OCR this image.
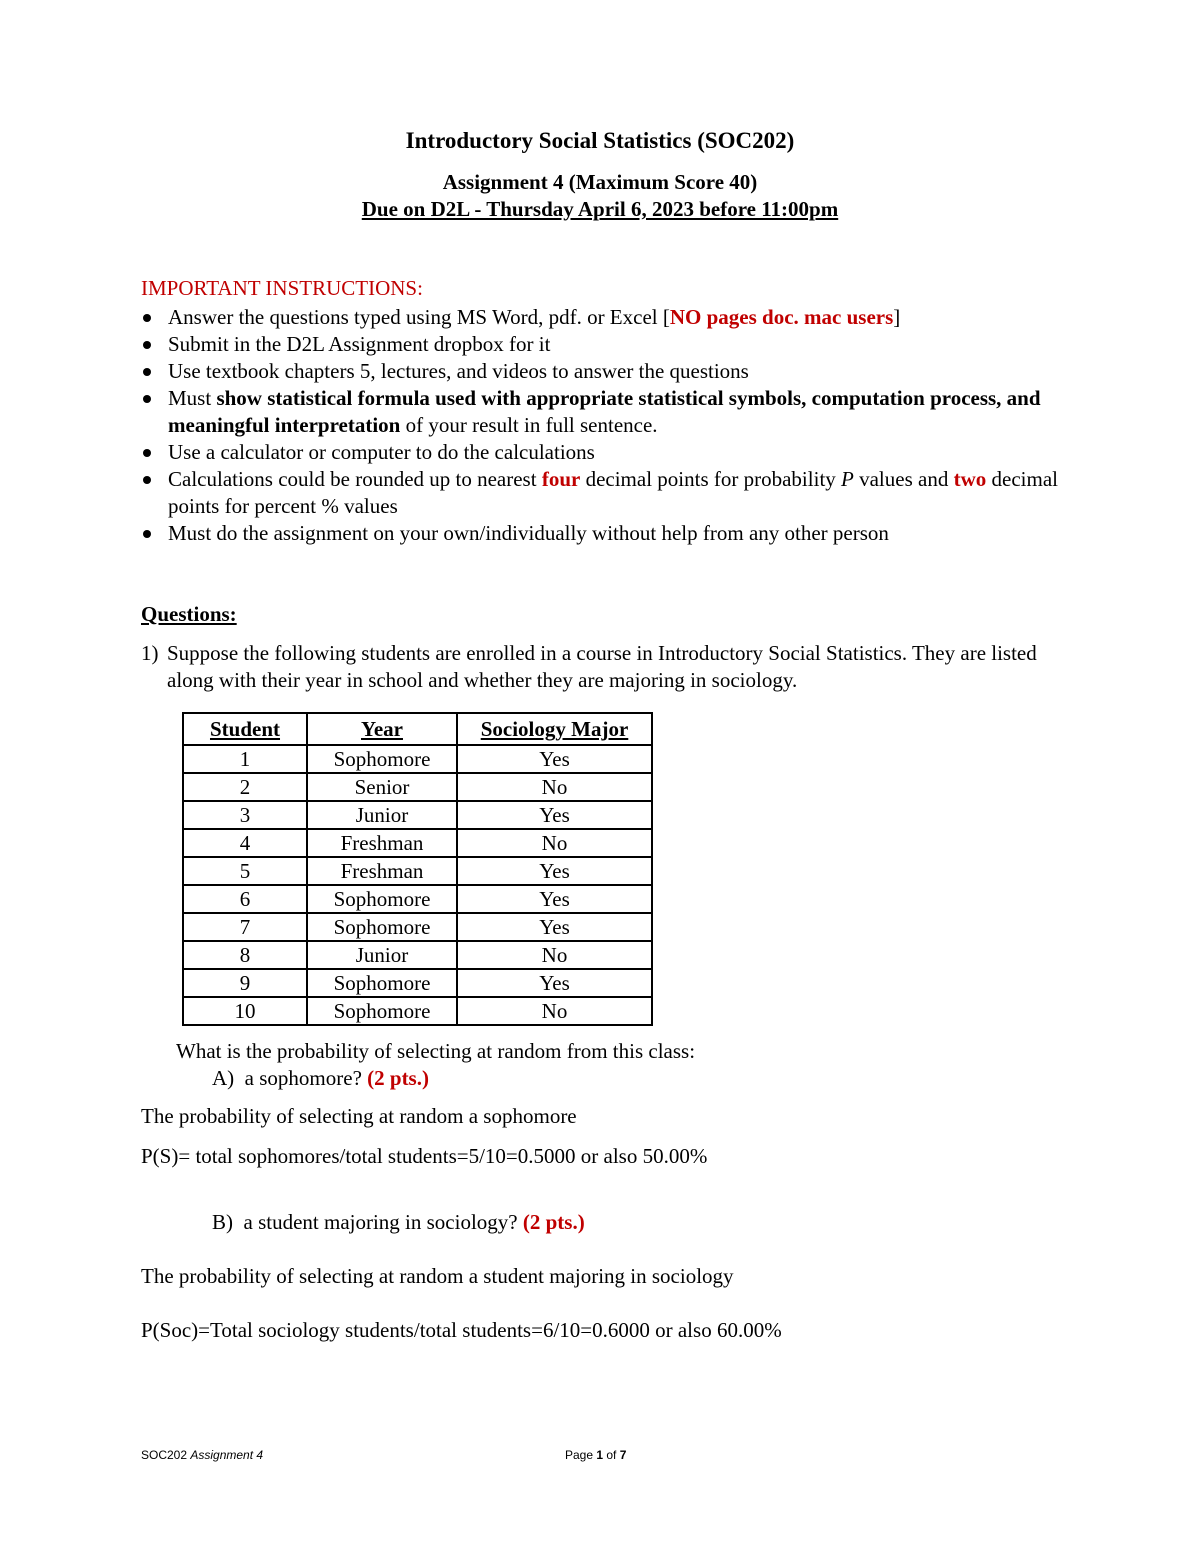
Introductory Social Statistics (SOC202)
Assignment 4 (Maximum Score 40)
Due on D2L - Thursday April 6, 2023 before 11:00pm
IMPORTANT INSTRUCTIONS:
Answer the questions typed using MS Word, pdf. or Excel [NO pages doc. mac users]
Submit in the D2L Assignment dropbox for it
Use textbook chapters 5, lectures, and videos to answer the questions
Must show statistical formula used with appropriate statistical symbols, computation process, and meaningful interpretation of your result in full sentence.
Use a calculator or computer to do the calculations
Calculations could be rounded up to nearest four decimal points for probability P values and two decimal points for percent % values
Must do the assignment on your own/individually without help from any other person
Questions:
1) Suppose the following students are enrolled in a course in Introductory Social Statistics. They are listed along with their year in school and whether they are majoring in sociology.
Student	Year	Sociology Major
1	Sophomore	Yes
2	Senior	No
3	Junior	Yes
4	Freshman	No
5	Freshman	Yes
6	Sophomore	Yes
7	Sophomore	Yes
8	Junior	No
9	Sophomore	Yes
10	Sophomore	No
What is the probability of selecting at random from this class:
A) a sophomore? (2 pts.)
The probability of selecting at random a sophomore
P(S)= total sophomores/total students=5/10=0.5000 or also 50.00%
B) a student majoring in sociology? (2 pts.)
The probability of selecting at random a student majoring in sociology
P(Soc)=Total sociology students/total students=6/10=0.6000 or also 60.00%
SOC202 Assignment 4	Page 1 of 7
